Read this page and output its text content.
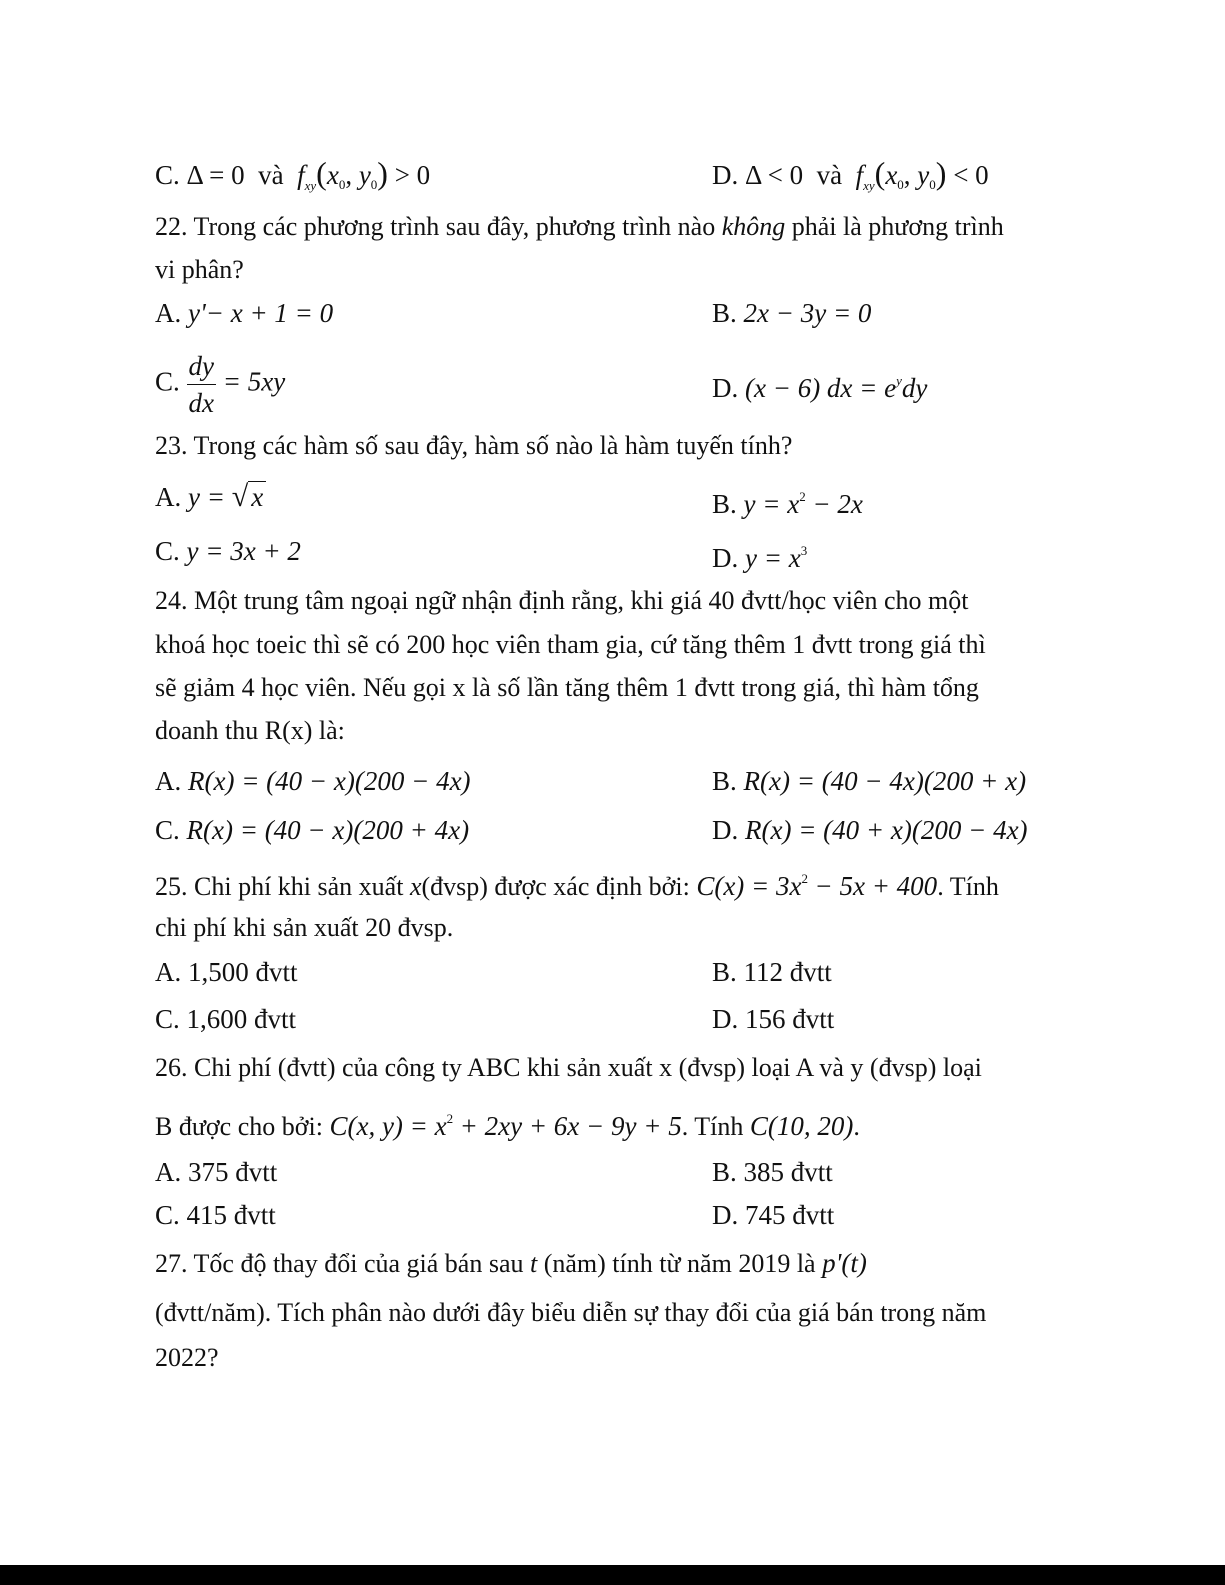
C. Δ = 0 và $f_{xy}(x_0$, $y_0) > 0$	D. Δ < 0 và $f_{xy}(x_0$, $y_0) < 0$
22. Trong các phương trình sau đây, phương trình nào không phải là phương trình
vi phân?
A. y'− x + 1 = 0	B. 2x − 3y = 0
C. $\frac{dy}{dx} = 5xy$	D. (x − 6) dx = $e^ydy$
23. Trong các hàm số sau đây, hàm số nào là hàm tuyến tính?
A. y = √ x	B. $y = x^2 - 2x$
C. y = 3x + 2	D. $y = x^3$
24. Một trung tâm ngoại ngữ nhận định rằng, khi giá 40 đvtt/học viên cho một
khoá học toeic thì sẽ có 200 học viên tham gia, cứ tăng thêm 1 đvtt trong giá thì
sẽ giảm 4 học viên. Nếu gọi x là số lần tăng thêm 1 đvtt trong giá, thì hàm tổng
doanh thu R(x) là:
A. R(x) = (40 − x)(200 − 4x)	B. R(x) = (40 − 4x)(200 + x)
C. R(x) = (40 − x)(200 + 4x)	D. R(x) = (40 + x)(200 − 4x)
25. Chi phí khi sản xuất x(đvsp) được xác định bởi: $C(x) = 3x^2 - 5x + 400$. Tính
chi phí khi sản xuất 20 đvsp.
A. 1,500 đvtt	B. 112 đvtt
C. 1,600 đvtt	D. 156 đvtt
26. Chi phí (đvtt) của công ty ABC khi sản xuất x (đvsp) loại A và y (đvsp) loại
B được cho bởi: C(x, $y) = x^2 + 2xy + 6x - 9y + 5$. Tính C(10, 20).
A. 375 đvtt	B. 385 đvtt
C. 415 đvtt	D. 745 đvtt
27. Tốc độ thay đổi của giá bán sau t (năm) tính từ năm 2019 là p'(t)
(đvtt/năm). Tích phân nào dưới đây biểu diễn sự thay đổi của giá bán trong năm
2022?
